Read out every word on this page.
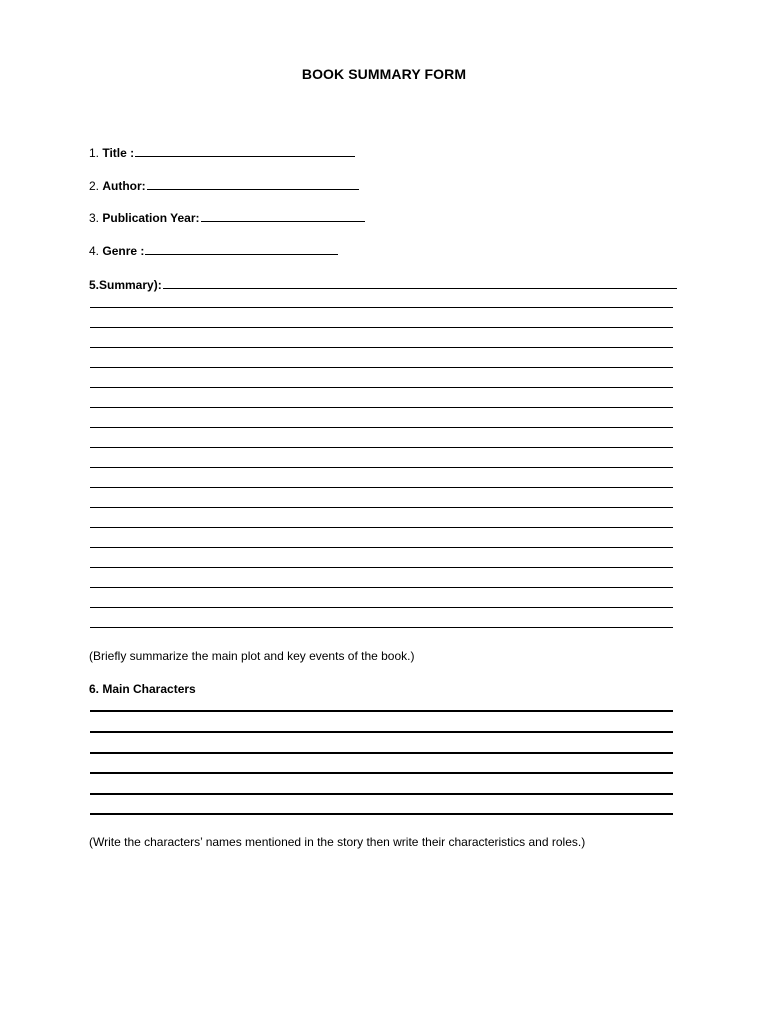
BOOK SUMMARY FORM
1. Title :
2. Author:
3. Publication Year:
4. Genre :
5.Summary):
(Briefly summarize the main plot and key events of the book.)
6. Main Characters
(Write the characters’ names mentioned in the story then write their characteristics and roles.)
